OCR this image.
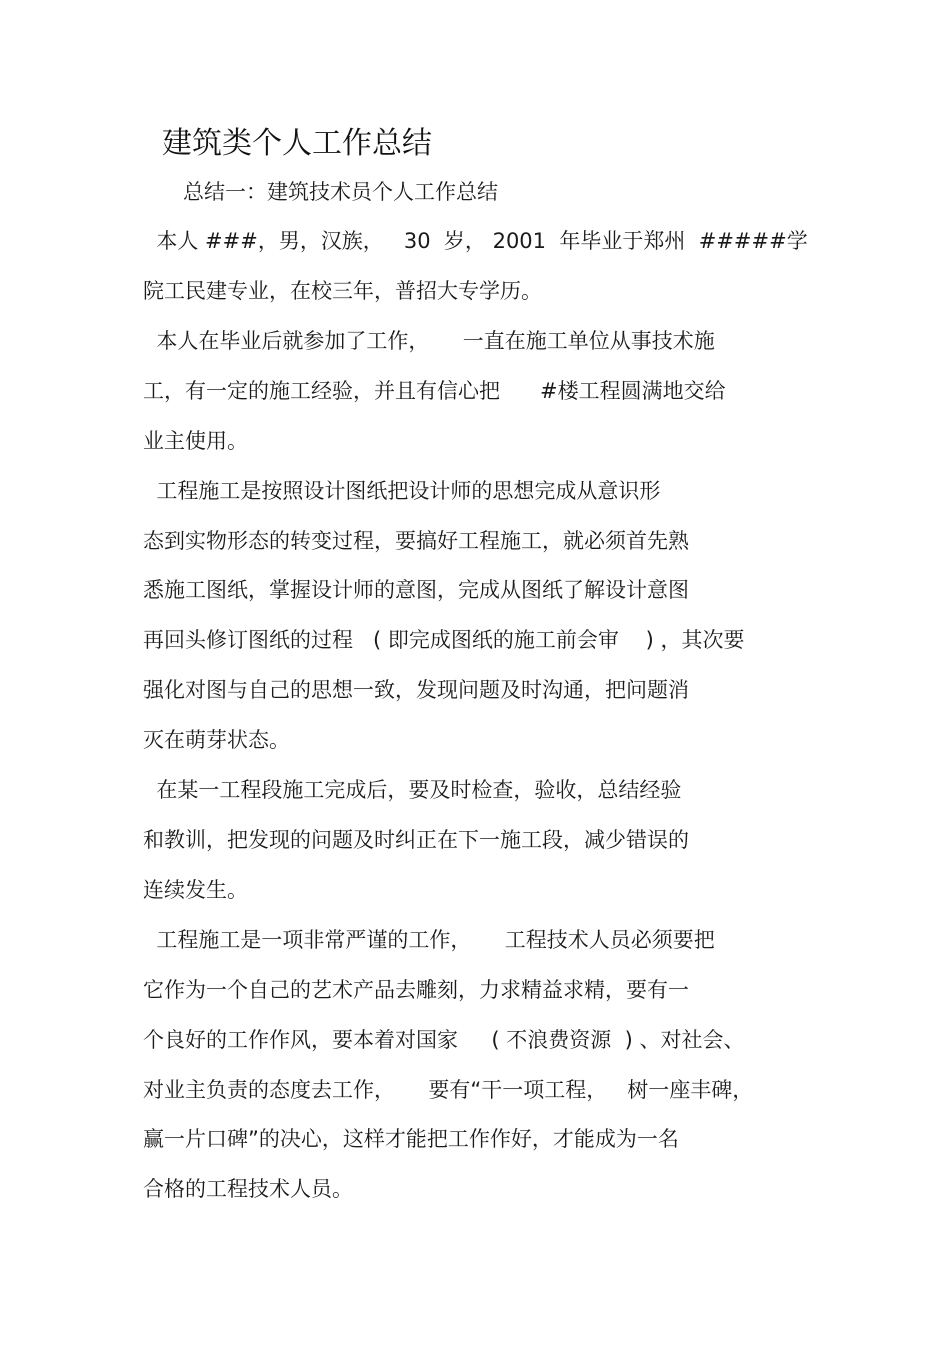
建筑类个人工作总结
总结一：建筑技术员个人工作总结
本人 ###，男，汉族，   30  岁， 2001  年毕业于郑州  #####学
院工民建专业，在校三年，普招大专学历。
本人在毕业后就参加了工作，     一直在施工单位从事技术施
工，有一定的施工经验，并且有信心把      #楼工程圆满地交给
业主使用。
工程施工是按照设计图纸把设计师的思想完成从意识形
态到实物形态的转变过程，要搞好工程施工，就必须首先熟
悉施工图纸，掌握设计师的意图，完成从图纸了解设计意图
再回头修订图纸的过程   ( 即完成图纸的施工前会审    ) ，其次要
强化对图与自己的思想一致，发现问题及时沟通，把问题消
灭在萌芽状态。
在某一工程段施工完成后，要及时检查，验收，总结经验
和教训，把发现的问题及时纠正在下一施工段，减少错误的
连续发生。
工程施工是一项非常严谨的工作，     工程技术人员必须要把
它作为一个自己的艺术产品去雕刻，力求精益求精，要有一
个良好的工作作风，要本着对国家     ( 不浪费资源  ) 、对社会、
对业主负责的态度去工作，     要有“干一项工程，   树一座丰碑，
赢一片口碑”的决心，这样才能把工作作好，才能成为一名
合格的工程技术人员。
